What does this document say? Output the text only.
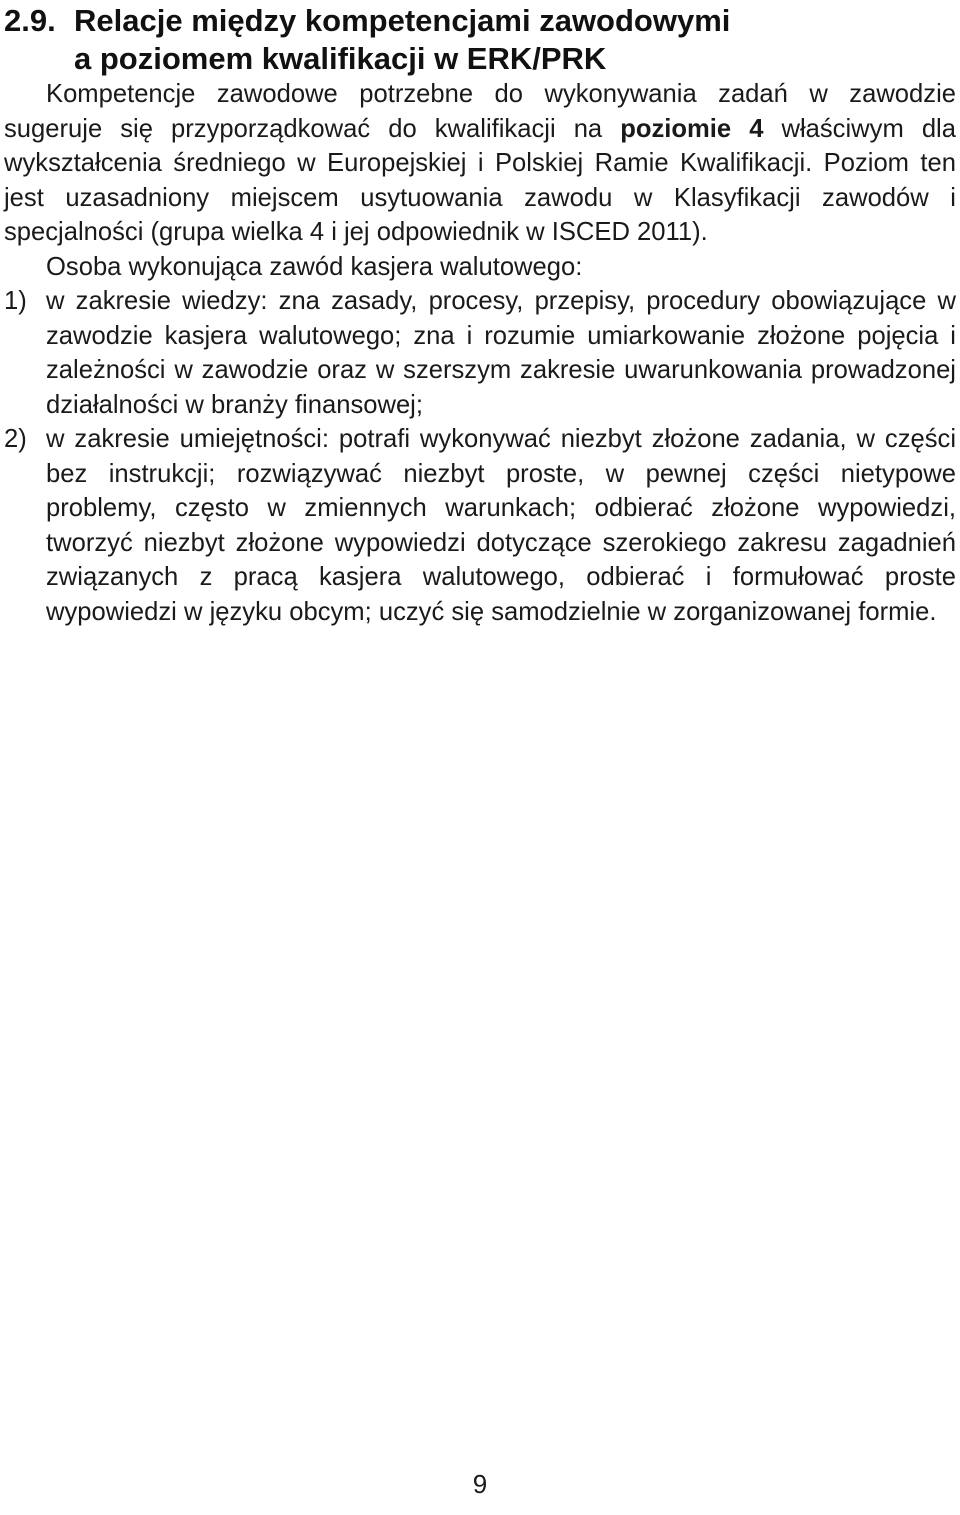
2.9. Relacje między kompetencjami zawodowymi
a poziomem kwalifikacji w ERK/PRK

Kompetencje zawodowe potrzebne do wykonywania zadań w zawodzie sugeruje się przyporządkować do kwalifikacji na poziomie 4 właściwym dla wykształcenia średniego w Europejskiej i Polskiej Ramie Kwalifikacji. Poziom ten jest uzasadniony miejscem usytuowania zawodu w Klasyfikacji zawodów i specjalności (grupa wielka 4 i jej odpowiednik w ISCED 2011).

Osoba wykonująca zawód kasjera walutowego:

1) w zakresie wiedzy: zna zasady, procesy, przepisy, procedury obowiązujące w zawodzie kasjera walutowego; zna i rozumie umiarkowanie złożone pojęcia i zależności w zawodzie oraz w szerszym zakresie uwarunkowania prowadzonej działalności w branży finansowej;
2) w zakresie umiejętności: potrafi wykonywać niezbyt złożone zadania, w części bez instrukcji; rozwiązywać niezbyt proste, w pewnej części nietypowe problemy, często w zmiennych warunkach; odbierać złożone wypowiedzi, tworzyć niezbyt złożone wypowiedzi dotyczące szerokiego zakresu zagadnień związanych z pracą kasjera walutowego, odbierać i formułować proste wypowiedzi w języku obcym; uczyć się samodzielnie w zorganizowanej formie.
9
